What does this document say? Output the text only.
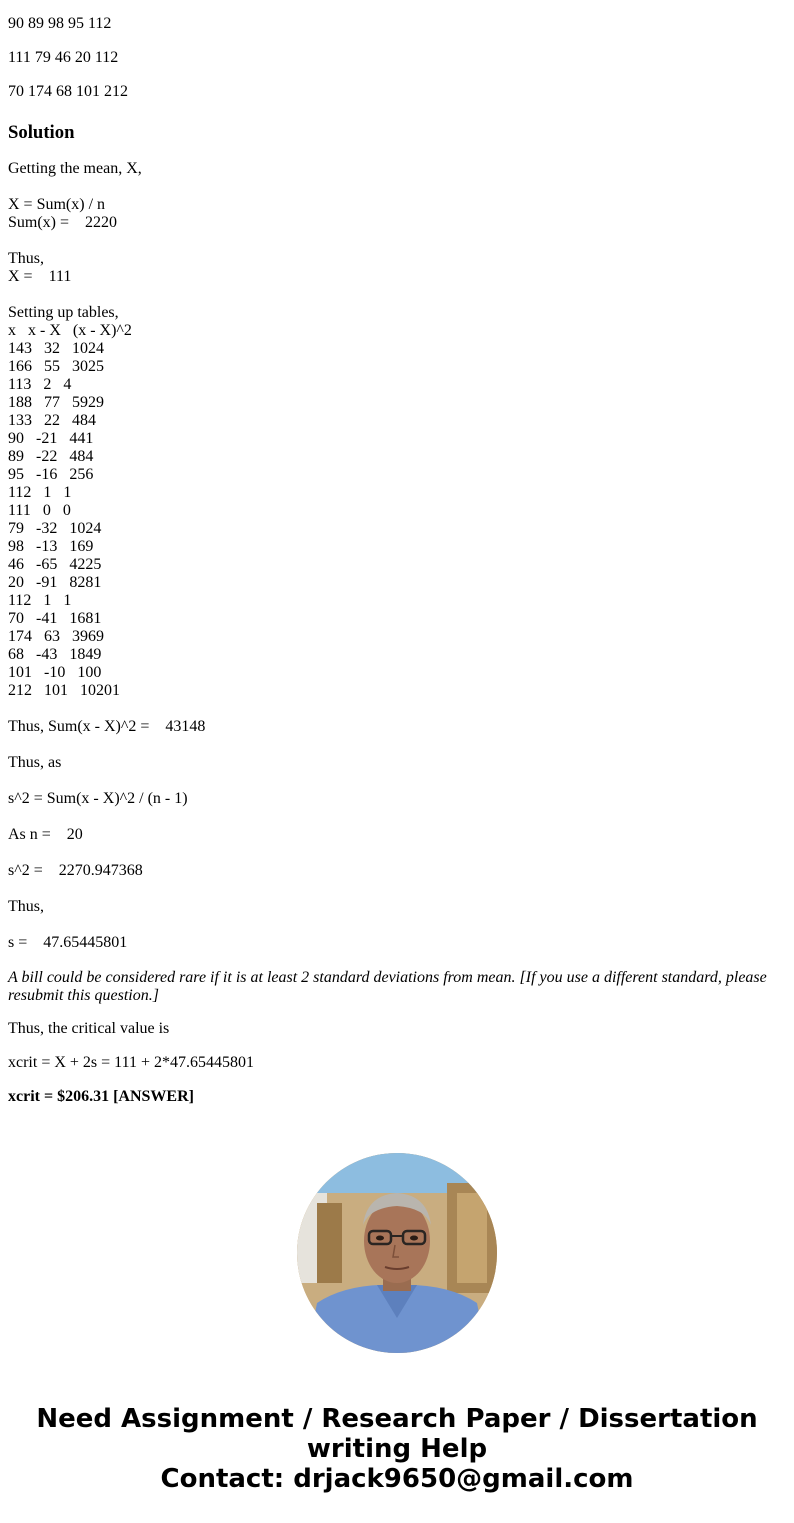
90 89 98 95 112
111 79 46 20 112
70 174 68 101 212
Solution
Getting the mean, X,
X = Sum(x) / n
Sum(x) =    2220
Thus,
X =    111
Setting up tables,
x   x - X   (x - X)^2
143   32   1024
166   55   3025
113   2   4
188   77   5929
133   22   484
90   -21   441
89   -22   484
95   -16   256
112   1   1
111   0   0
79   -32   1024
98   -13   169
46   -65   4225
20   -91   8281
112   1   1
70   -41   1681
174   63   3969
68   -43   1849
101   -10   100
212   101   10201
Thus, Sum(x - X)^2 =    43148
Thus, as
s^2 = Sum(x - X)^2 / (n - 1)
As n =    20
s^2 =    2270.947368
Thus,
s =    47.65445801
A bill could be considered rare if it is at least 2 standard deviations from mean. [If you use a different standard, please resubmit this question.]
Thus, the critical value is
xcrit = X + 2s = 111 + 2*47.65445801
xcrit = $206.31 [ANSWER]
Need Assignment / Research Paper / Dissertation
writing Help
Contact: drjack9650@gmail.com
